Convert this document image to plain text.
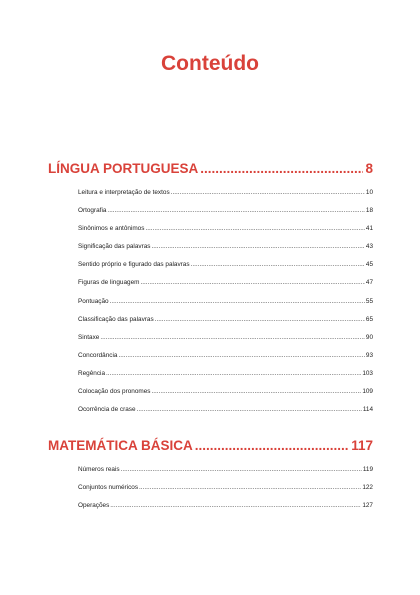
Conteúdo
LÍNGUA PORTUGUESA .....	8
Leitura e interpretação de textos .....	10
Ortografia .....	18
Sinônimos e antônimos .....	41
Significação das palavras .....	43
Sentido próprio e figurado das palavras .....	45
Figuras de linguagem .....	47
Pontuação .....	55
Classificação das palavras .....	65
Sintaxe .....	90
Concordância .....	93
Regência .....	103
Colocação dos pronomes .....	109
Ocorrência de crase .....	114
MATEMÁTICA BÁSICA .....	117
Números reais .....	119
Conjuntos numéricos .....	122
Operações .....	127
